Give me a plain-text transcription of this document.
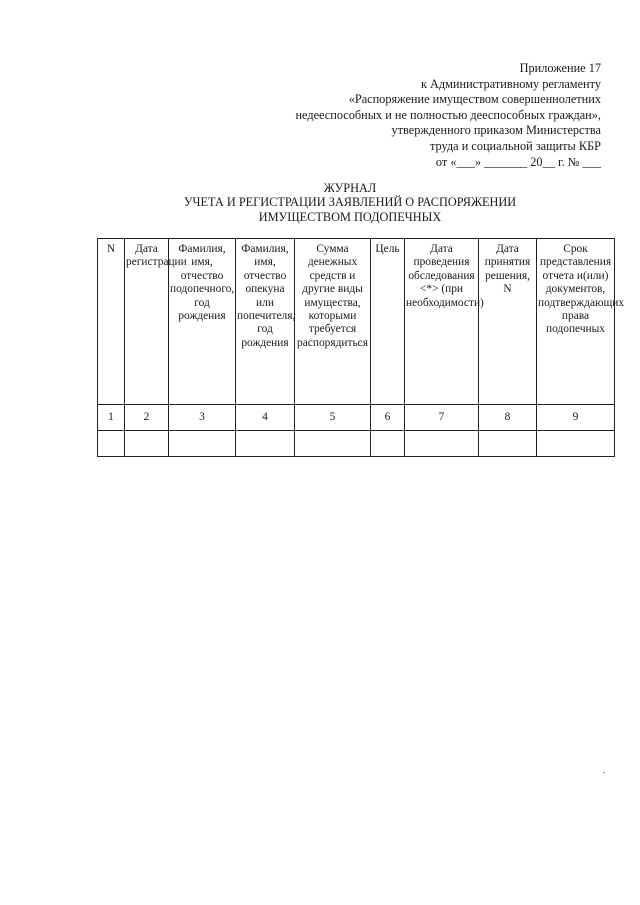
Приложение 17
к Административному регламенту
«Распоряжение имуществом совершеннолетних
недееспособных и не полностью дееспособных граждан»,
утвержденного приказом Министерства
труда и социальной защиты КБР
от «___» _______ 20__ г. № ___
ЖУРНАЛ
УЧЕТА И РЕГИСТРАЦИИ ЗАЯВЛЕНИЙ О РАСПОРЯЖЕНИИ
ИМУЩЕСТВОМ ПОДОПЕЧНЫХ
N	Дата регистрации	Фамилия, имя, отчество подопечного, год рождения	Фамилия, имя, отчество опекуна или попечителя, год рождения	Сумма денежных средств и другие виды имущества, которыми требуется распорядиться	Цель	Дата проведения обследования <*> (при необходимости)	Дата принятия решения, N	Срок представления отчета и(или) документов, подтверждающих права подопечных
1	2	3	4	5	6	7	8	9
